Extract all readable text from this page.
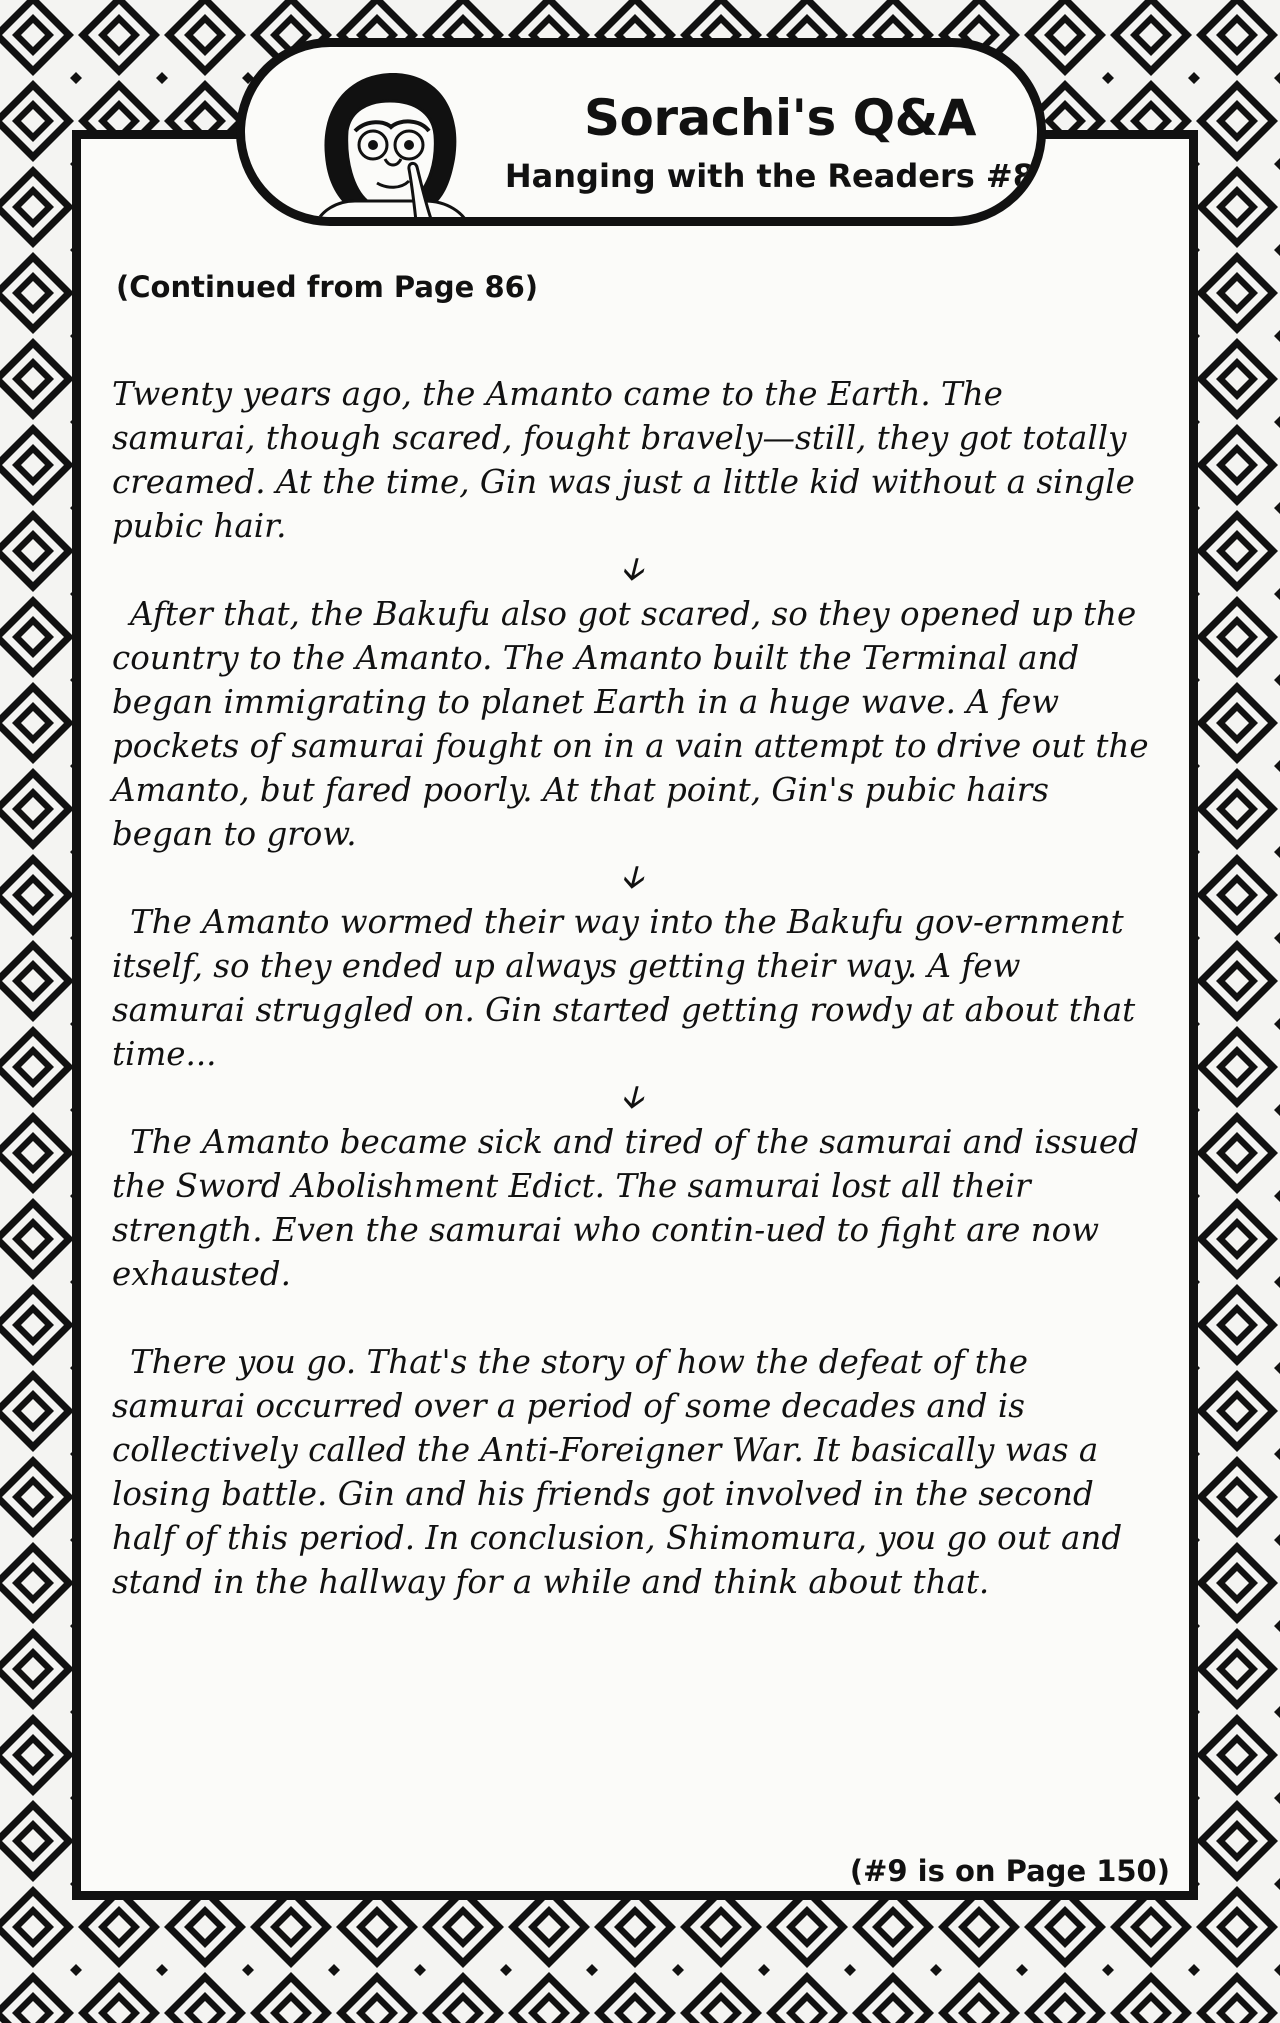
Sorachi's Q&A
Hanging with the Readers #8
(Continued from Page 86)

Twenty years ago, the Amanto came to the Earth. The samurai, though scared, fought bravely—still, they got totally creamed. At the time, Gin was just a little kid without a single pubic hair.

🡣

After that, the Bakufu also got scared, so they opened up the country to the Amanto. The Amanto built the Terminal and began immigrating to planet Earth in a huge wave. A few pockets of samurai fought on in a vain attempt to drive out the Amanto, but fared poorly. At that point, Gin's pubic hairs began to grow.

🡣

The Amanto wormed their way into the Bakufu gov-ernment itself, so they ended up always getting their way. A few samurai struggled on. Gin started getting rowdy at about that time...

🡣

The Amanto became sick and tired of the samurai and issued the Sword Abolishment Edict. The samurai lost all their strength. Even the samurai who contin-ued to fight are now exhausted.

There you go. That's the story of how the defeat of the samurai occurred over a period of some decades and is collectively called the Anti-Foreigner War. It basically was a losing battle. Gin and his friends got involved in the second half of this period. In conclusion, Shimomura, you go out and stand in the hallway for a while and think about that.

(#9 is on Page 150)
